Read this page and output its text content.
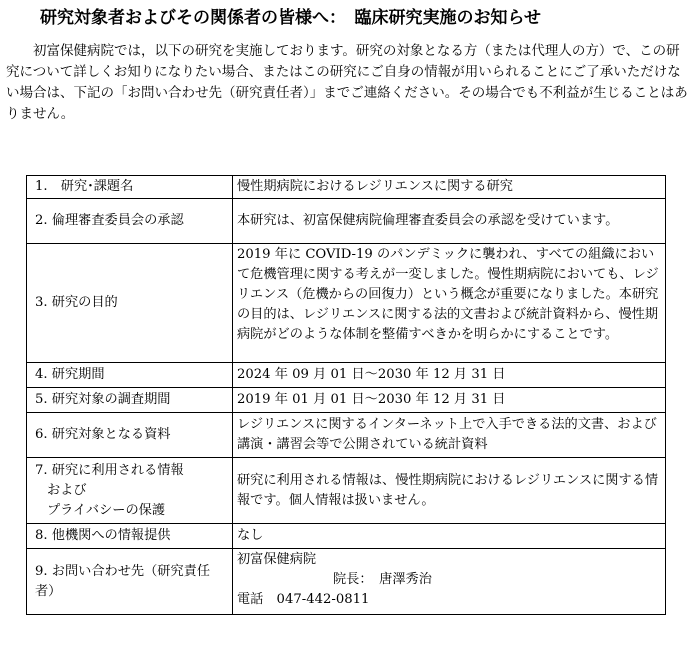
研究対象者およびその関係者の皆様へ：　臨床研究実施のお知らせ
初富保健病院では，以下の研究を実施しております。研究の対象となる方（または代理人の方）で、この研究について詳しくお知りになりたい場合、またはこの研究にご自身の情報が用いられることにご了承いただけない場合は、下記の「お問い合わせ先（研究責任者）」までご連絡ください。その場合でも不利益が生じることはありません。
1.　研究･課題名	慢性期病院におけるレジリエンスに関する研究
2. 倫理審査委員会の承認	本研究は、初富保健病院倫理審査委員会の承認を受けています。
3. 研究の目的	2019 年に COVID-19 のパンデミックに襲われ、すべての組織において危機管理に関する考えが一変しました。慢性期病院においても、レジリエンス（危機からの回復力）という概念が重要になりました。本研究の目的は、レジリエンスに関する法的文書および統計資料から、慢性期病院がどのような体制を整備すべきかを明らかにすることです。
4. 研究期間	2024 年 09 月 01 日～2030 年 12 月 31 日
5. 研究対象の調査期間	2019 年 01 月 01 日～2030 年 12 月 31 日
6. 研究対象となる資料	レジリエンスに関するインターネット上で入手できる法的文書、および講演・講習会等で公開されている統計資料

7. 研究に利用される情報
および
プライバシーの保護	研究に利用される情報は、慢性期病院におけるレジリエンスに関する情報です。個人情報は扱いません。
8. 他機関への情報提供	なし
9. お問い合わせ先（研究責任者）	初富保健病院
院長：　唐澤秀治
電話　047-442-0811
